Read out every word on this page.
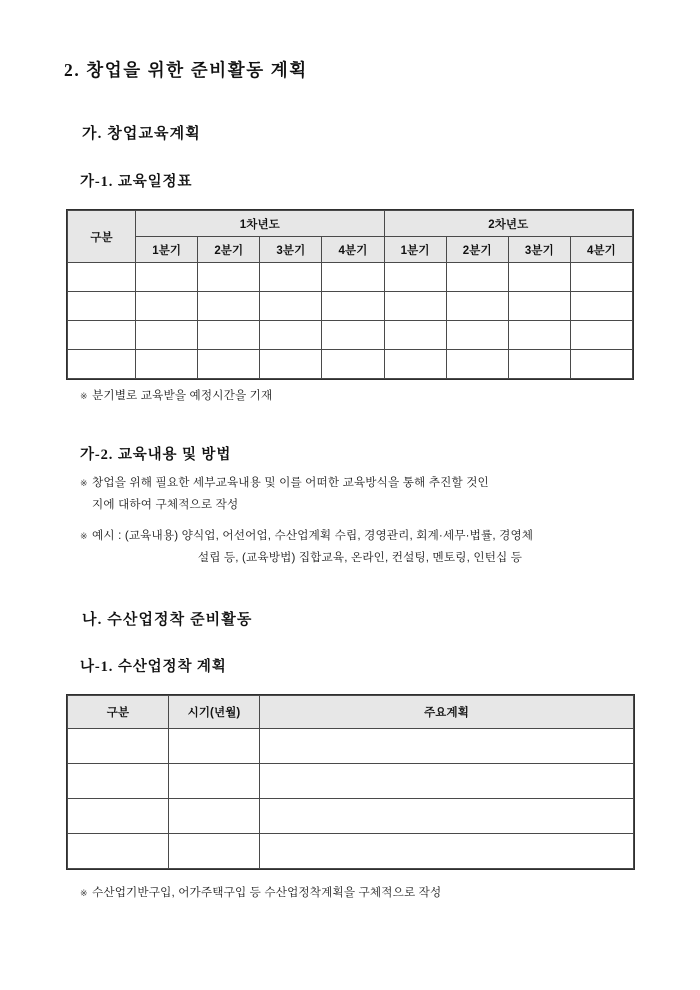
2. 창업을 위한 준비활동 계획
가. 창업교육계획
가-1. 교육일정표
구분	1차년도				2차년도			
	1분기	2분기	3분기	4분기	1분기	2분기	3분기	4분기

※ 분기별로 교육받을 예정시간을 기재
가-2. 교육내용 및 방법
※ 창업을 위해 필요한 세부교육내용 및 이를 어떠한 교육방식을 통해 추진할 것인
지에 대하여 구체적으로 작성
※ 예시 : (교육내용) 양식업, 어선어업, 수산업계획 수립, 경영관리, 회계·세무·법률, 경영체
설립 등, (교육방법) 집합교육, 온라인, 컨설팅, 멘토링, 인턴십 등
나. 수산업정착 준비활동
나-1. 수산업정착 계획
구분	시기(년월)	주요계획

※ 수산업기반구입, 어가주택구입 등 수산업정착계획을 구체적으로 작성
